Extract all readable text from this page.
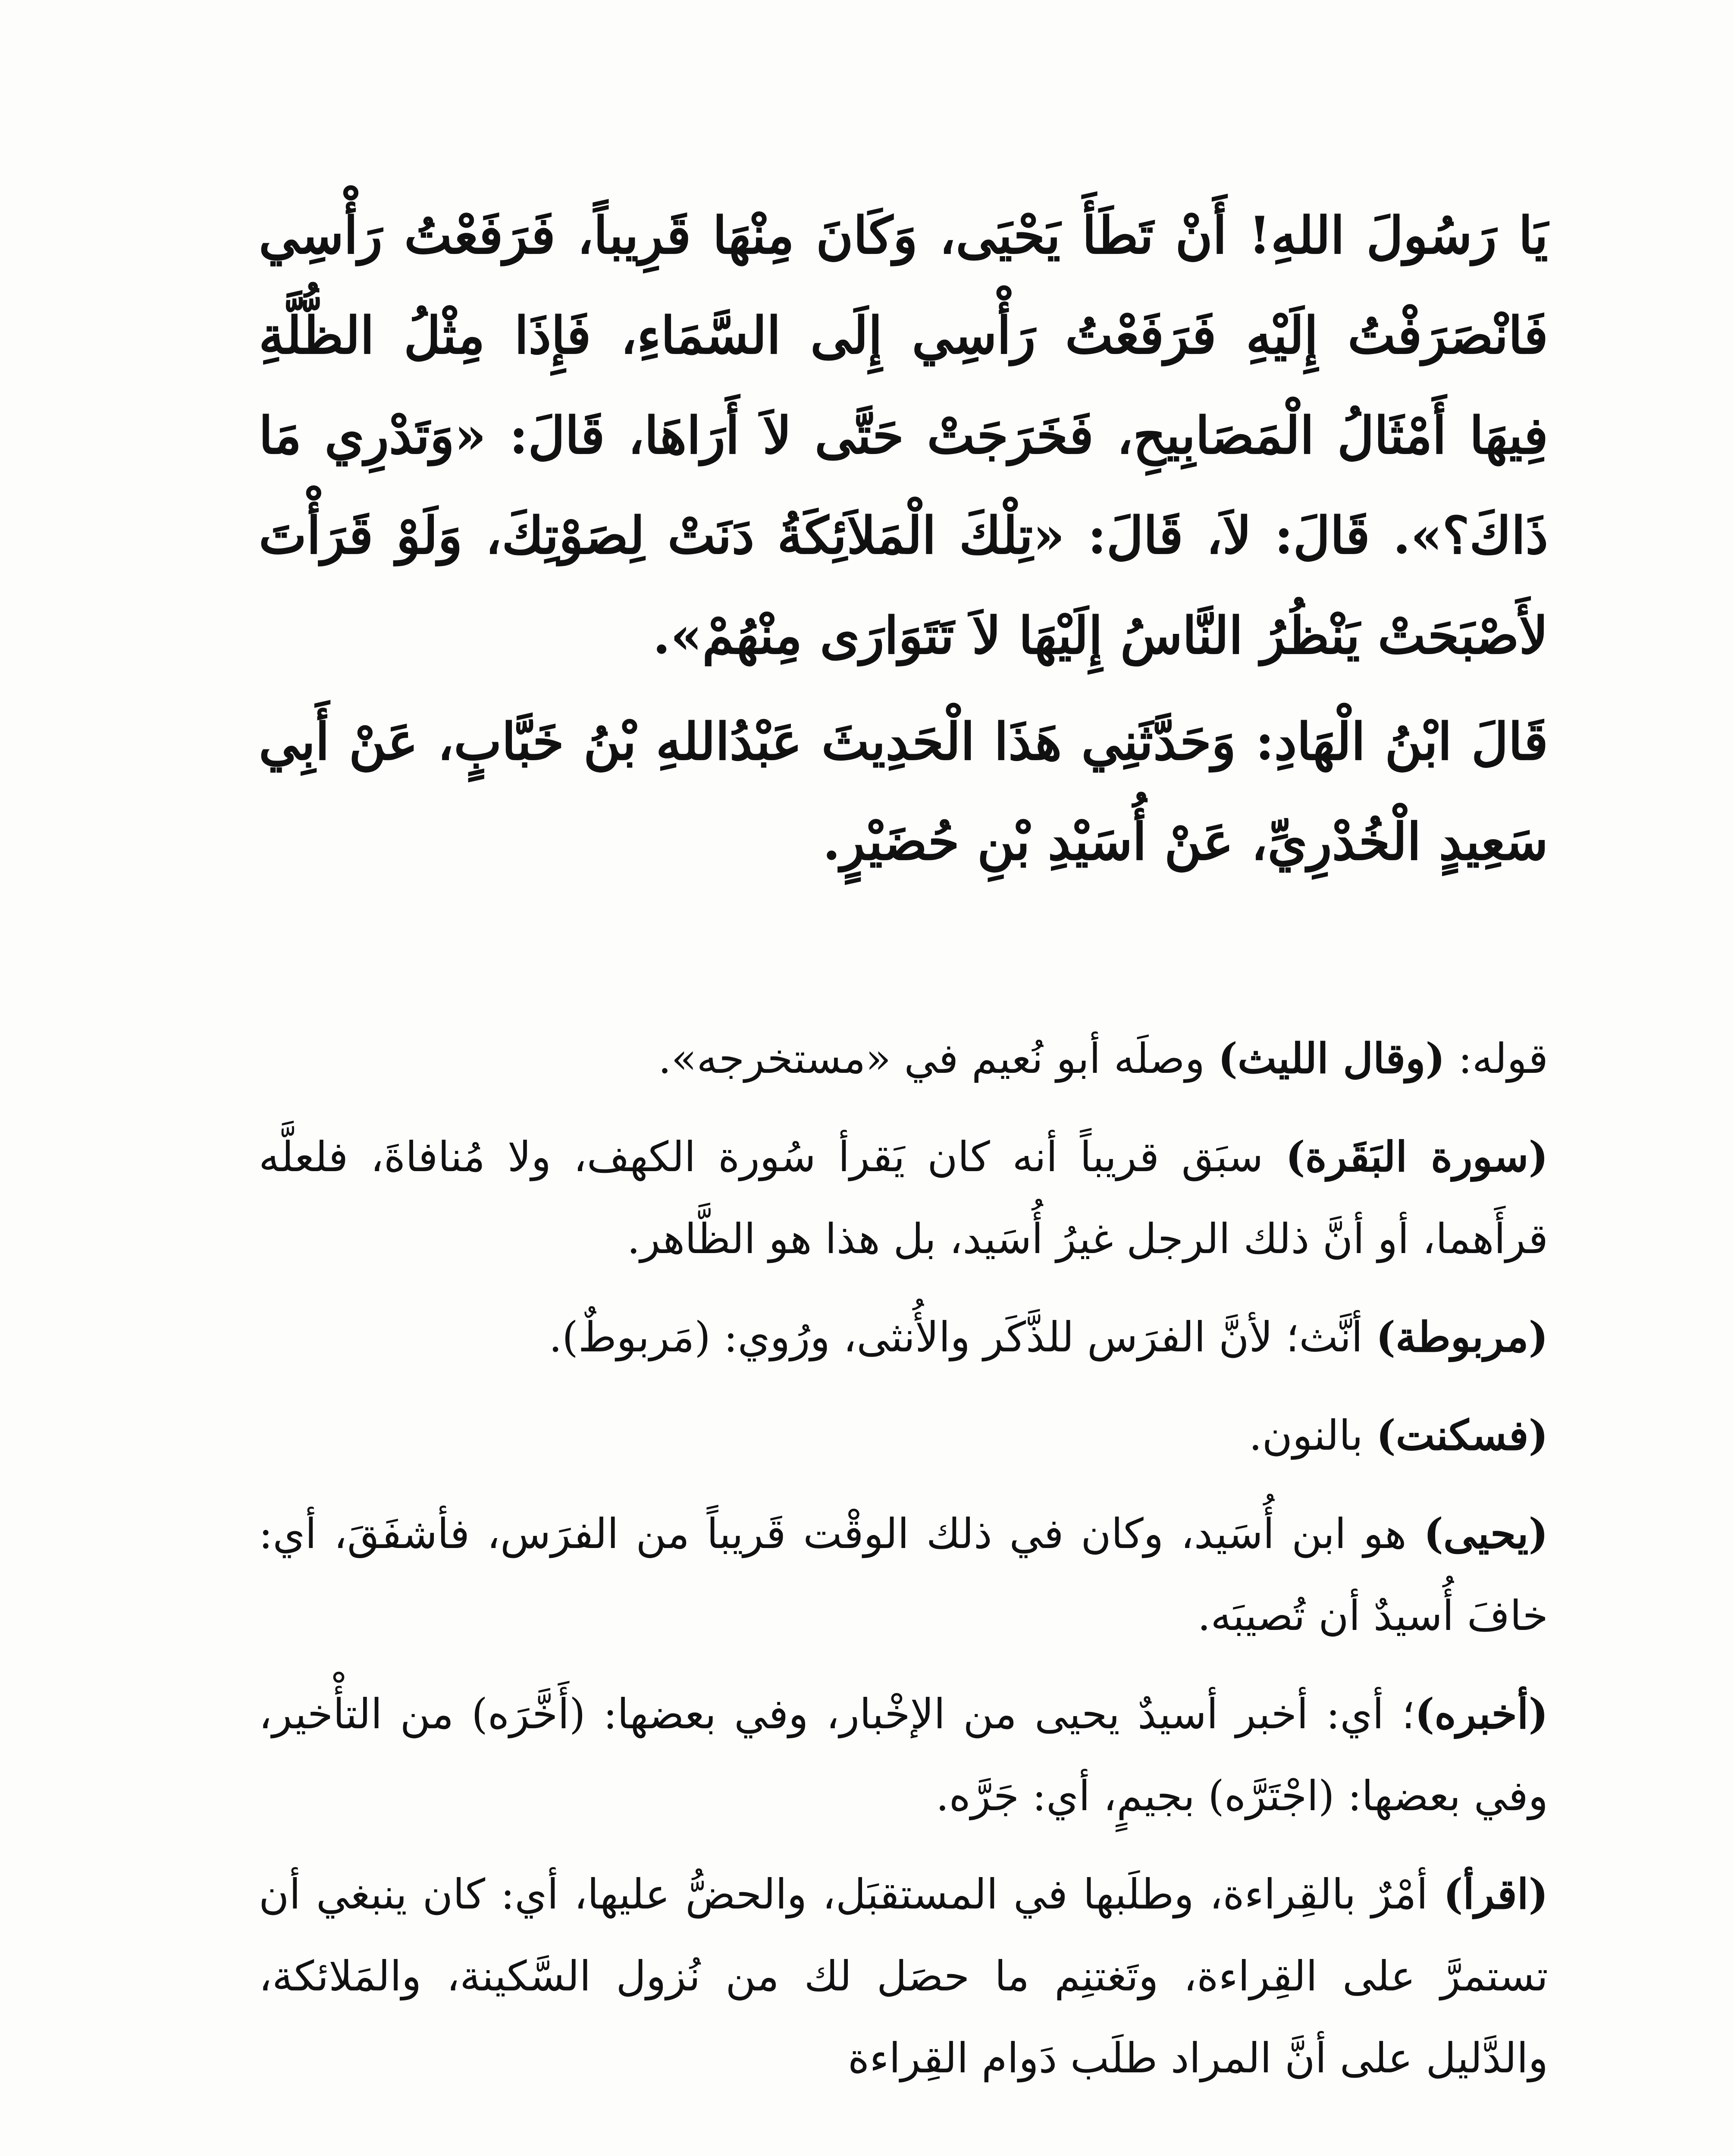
يَا رَسُولَ اللهِ! أَنْ تَطَأَ يَحْيَى، وَكَانَ مِنْهَا قَرِيباً، فَرَفَعْتُ رَأْسِي فَانْصَرَفْتُ إِلَيْهِ فَرَفَعْتُ رَأْسِي إِلَى السَّمَاءِ، فَإِذَا مِثْلُ الظُّلَّةِ فِيهَا أَمْثَالُ الْمَصَابِيحِ، فَخَرَجَتْ حَتَّى لاَ أَرَاهَا، قَالَ: «وَتَدْرِي مَا ذَاكَ؟». قَالَ: لاَ، قَالَ: «تِلْكَ الْمَلاَئِكَةُ دَنَتْ لِصَوْتِكَ، وَلَوْ قَرَأْتَ لأَصْبَحَتْ يَنْظُرُ النَّاسُ إِلَيْهَا لاَ تَتَوَارَى مِنْهُمْ».

قَالَ ابْنُ الْهَادِ: وَحَدَّثَنِي هَذَا الْحَدِيثَ عَبْدُاللهِ بْنُ خَبَّابٍ، عَنْ أَبِي سَعِيدٍ الْخُدْرِيِّ، عَنْ أُسَيْدِ بْنِ حُضَيْرٍ.

قوله: (وقال الليث) وصلَه أبو نُعيم في «مستخرجه».

(سورة البَقَرة) سبَق قريباً أنه كان يَقرأ سُورة الكهف، ولا مُنافاةَ، فلعلَّه قرأَهما، أو أنَّ ذلك الرجل غيرُ أُسَيد، بل هذا هو الظَّاهر.

(مربوطة) أنَّث؛ لأنَّ الفرَس للذَّكَر والأُنثى، ورُوي: (مَربوطٌ).

(فسكنت) بالنون.

(يحيى) هو ابن أُسَيد، وكان في ذلك الوقْت قَريباً من الفرَس، فأشفَقَ، أي: خافَ أُسيدٌ أن تُصيبَه.

(أخبره)؛ أي: أخبر أسيدٌ يحيى من الإخْبار، وفي بعضها: (أَخَّرَه) من التأْخير، وفي بعضها: (اجْتَرَّه) بجيمٍ، أي: جَرَّه.

(اقرأ) أمْرٌ بالقِراءة، وطلَبها في المستقبَل، والحضُّ عليها، أي: كان ينبغي أن تستمرَّ على القِراءة، وتَغتنِم ما حصَل لك من نُزول السَّكينة، والمَلائكة، والدَّليل على أنَّ المراد طلَب دَوام القِراءة
